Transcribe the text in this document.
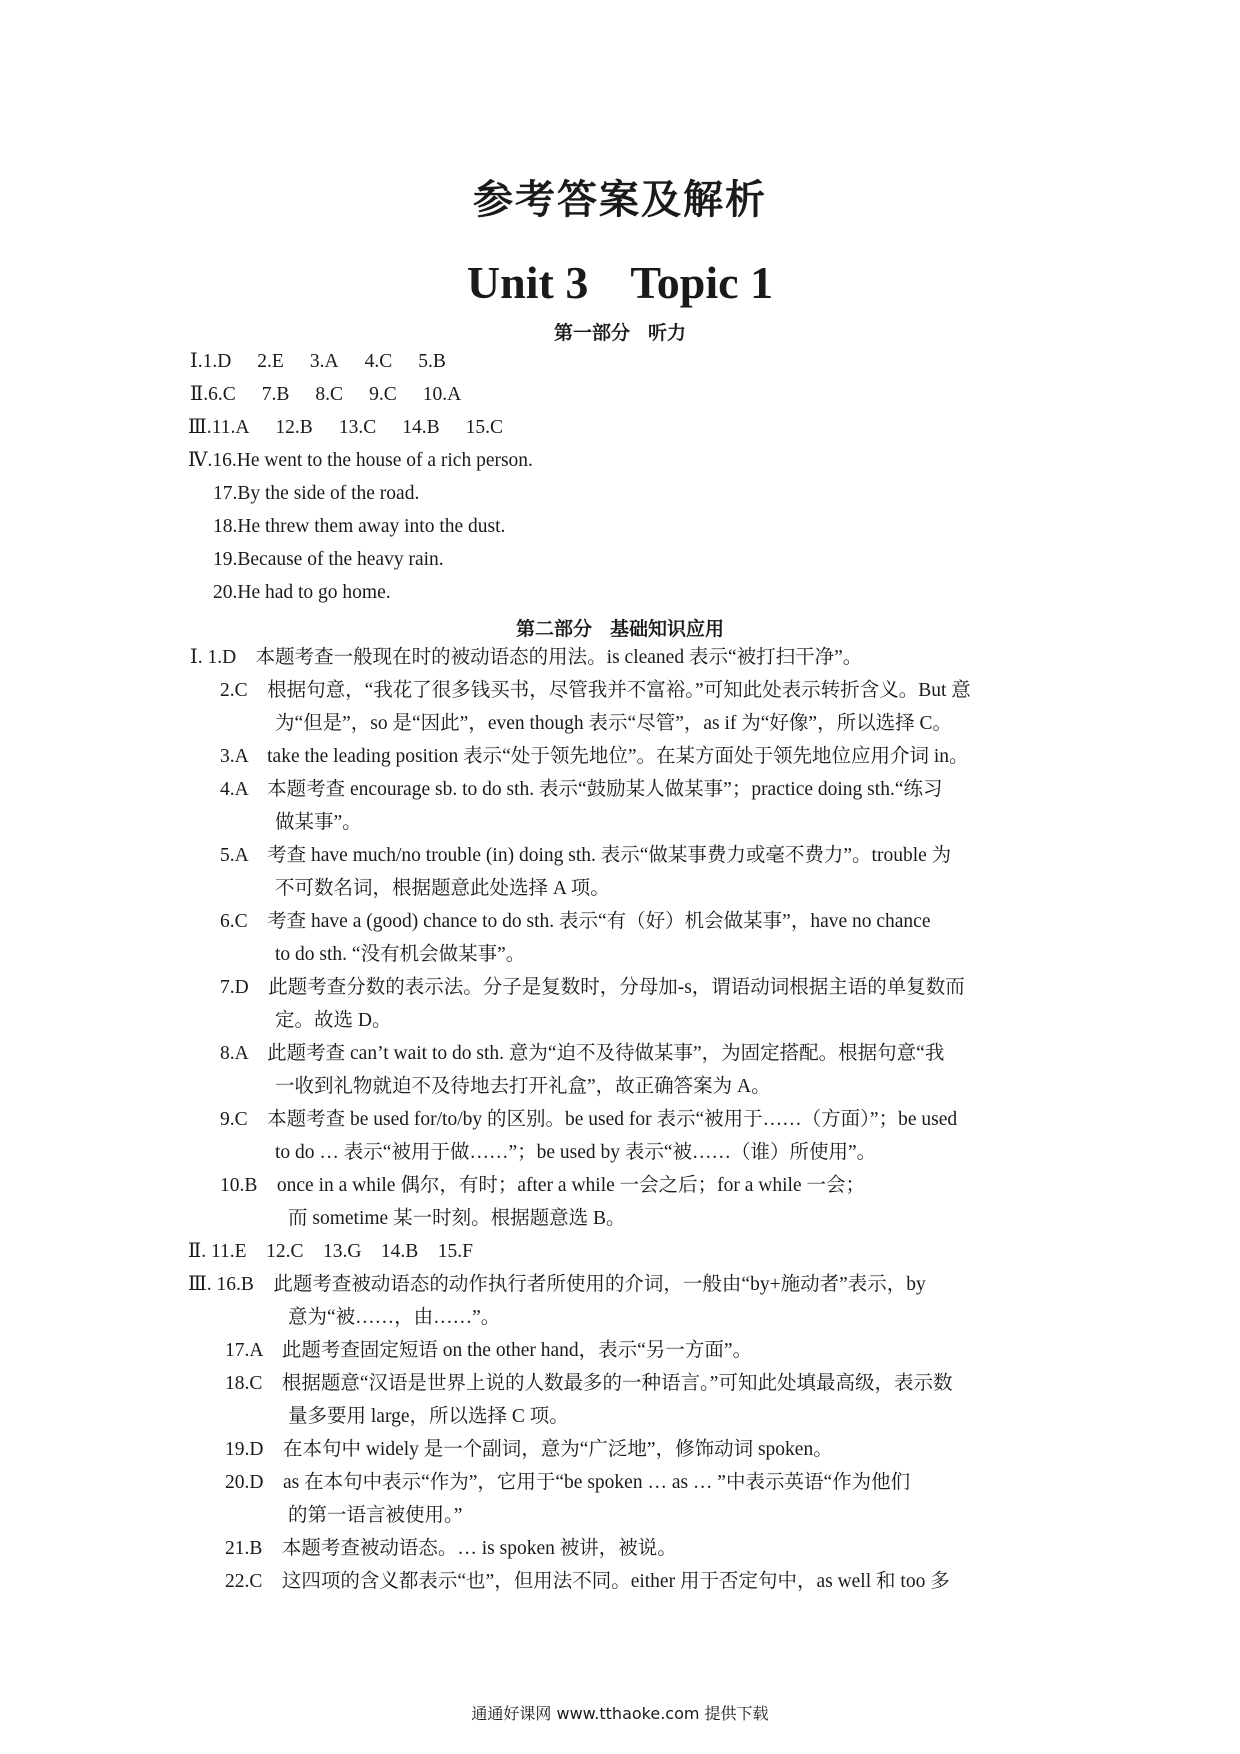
参考答案及解析
Unit 3 Topic 1
第一部分 听力
Ⅰ.1.D 2.E 3.A 4.C 5.B
Ⅱ.6.C 7.B 8.C 9.C 10.A
Ⅲ.11.A 12.B 13.C 14.B 15.C
Ⅳ.16.He went to the house of a rich person.
17.By the side of the road.
18.He threw them away into the dust.
19.Because of the heavy rain.
20.He had to go home.
第二部分 基础知识应用
Ⅰ. 1.D　本题考查一般现在时的被动语态的用法。is cleaned 表示“被打扫干净”。
2.C　根据句意，“我花了很多钱买书，尽管我并不富裕。”可知此处表示转折含义。But 意
为“但是”，so 是“因此”，even though 表示“尽管”，as if 为“好像”，所以选择 C。
3.A　take the leading position 表示“处于领先地位”。在某方面处于领先地位应用介词 in。
4.A　本题考查 encourage sb. to do sth. 表示“鼓励某人做某事”；practice doing sth.“练习
做某事”。
5.A　考查 have much/no trouble (in) doing sth. 表示“做某事费力或毫不费力”。trouble 为
不可数名词，根据题意此处选择 A 项。
6.C　考查 have a (good) chance to do sth. 表示“有（好）机会做某事”，have no chance
to do sth. “没有机会做某事”。
7.D　此题考查分数的表示法。分子是复数时，分母加-s，谓语动词根据主语的单复数而
定。故选 D。
8.A　此题考查 can’t wait to do sth. 意为“迫不及待做某事”，为固定搭配。根据句意“我
一收到礼物就迫不及待地去打开礼盒”，故正确答案为 A。
9.C　本题考查 be used for/to/by 的区别。be used for 表示“被用于……（方面）”；be used
to do … 表示“被用于做……”；be used by 表示“被……（谁）所使用”。
10.B　once in a while 偶尔，有时；after a while 一会之后；for a while 一会；
而 sometime 某一时刻。根据题意选 B。
Ⅱ. 11.E　12.C　13.G　14.B　15.F
Ⅲ. 16.B　此题考查被动语态的动作执行者所使用的介词，一般由“by+施动者”表示，by
意为“被……，由……”。
17.A　此题考查固定短语 on the other hand，表示“另一方面”。
18.C　根据题意“汉语是世界上说的人数最多的一种语言。”可知此处填最高级，表示数
量多要用 large，所以选择 C 项。
19.D　在本句中 widely 是一个副词，意为“广泛地”，修饰动词 spoken。
20.D　as 在本句中表示“作为”，它用于“be spoken … as … ”中表示英语“作为他们
的第一语言被使用。”
21.B　本题考查被动语态。… is spoken 被讲，被说。
22.C　这四项的含义都表示“也”，但用法不同。either 用于否定句中，as well 和 too 多
通通好课网 www.tthaoke.com 提供下载
